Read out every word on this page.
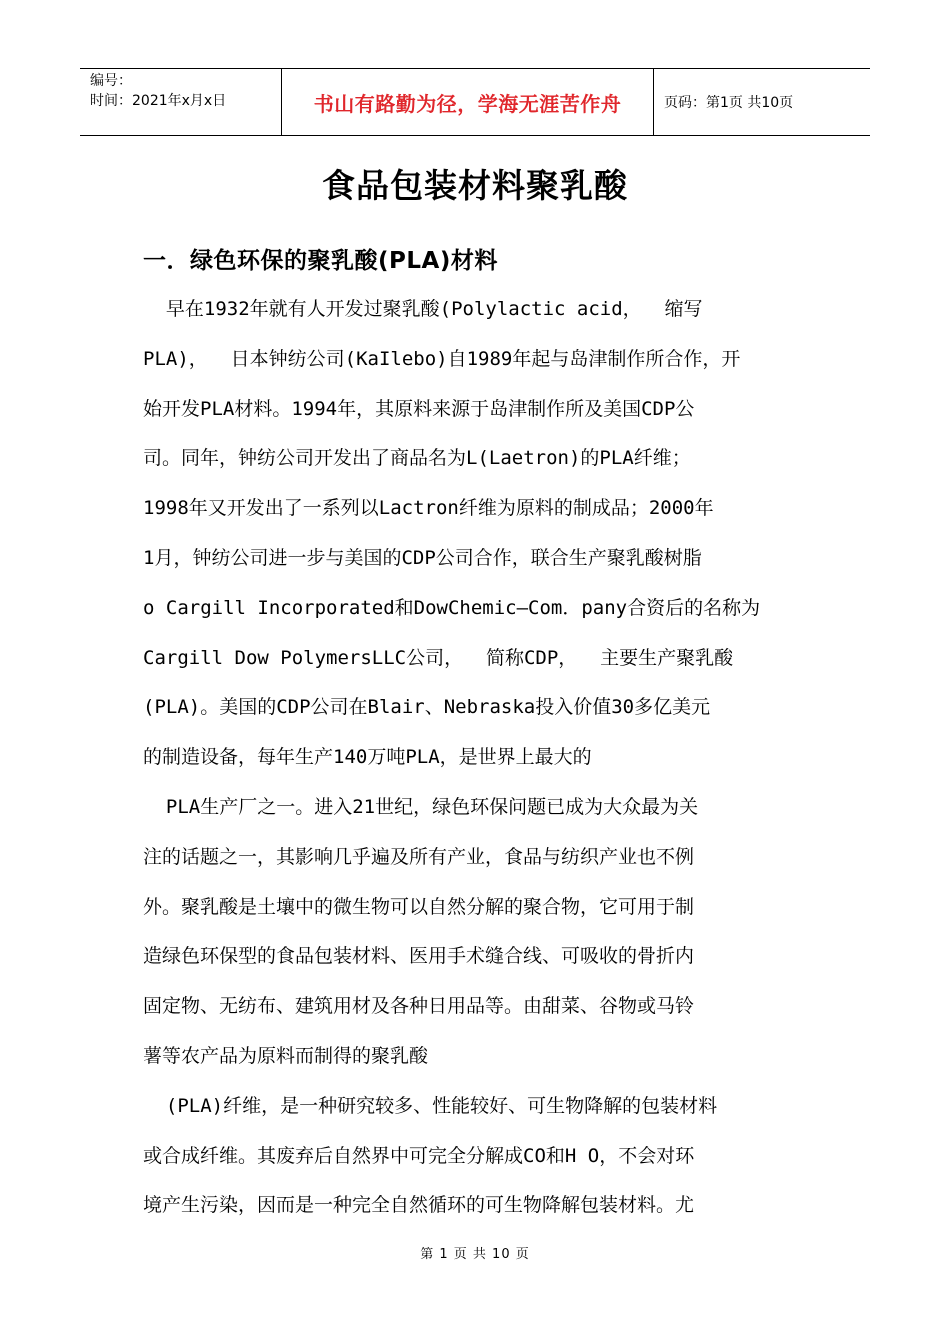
编号：
时间：2021年x月x日	书山有路勤为径，学海无涯苦作舟	页码：第1页 共10页
食品包装材料聚乳酸
一．绿色环保的聚乳酸(PLA)材料
早在1932年就有人开发过聚乳酸(Polylactic acid，  缩写
PLA)，  日本钟纺公司(KaIlebo)自1989年起与岛津制作所合作，开
始开发PLA材料。1994年，其原料来源于岛津制作所及美国CDP公
司。同年，钟纺公司开发出了商品名为L(Laetron)的PLA纤维；
1998年又开发出了一系列以Lactron纤维为原料的制成品；2000年
1月，钟纺公司进一步与美国的CDP公司合作，联合生产聚乳酸树脂
o Cargill Incorporated和DowChemic—Com．pany合资后的名称为
Cargill Dow PolymersLLC公司，  简称CDP，  主要生产聚乳酸
(PLA)。美国的CDP公司在Blair、Nebraska投入价值30多亿美元
的制造设备，每年生产140万吨PLA，是世界上最大的
PLA生产厂之一。进入21世纪，绿色环保问题已成为大众最为关
注的话题之一，其影响几乎遍及所有产业，食品与纺织产业也不例
外。聚乳酸是土壤中的微生物可以自然分解的聚合物，它可用于制
造绿色环保型的食品包装材料、医用手术缝合线、可吸收的骨折内
固定物、无纺布、建筑用材及各种日用品等。由甜菜、谷物或马铃
薯等农产品为原料而制得的聚乳酸
(PLA)纤维，是一种研究较多、性能较好、可生物降解的包装材料
或合成纤维。其废弃后自然界中可完全分解成CO和H O，不会对环
境产生污染，因而是一种完全自然循环的可生物降解包装材料。尤
第 1 页 共 10 页
